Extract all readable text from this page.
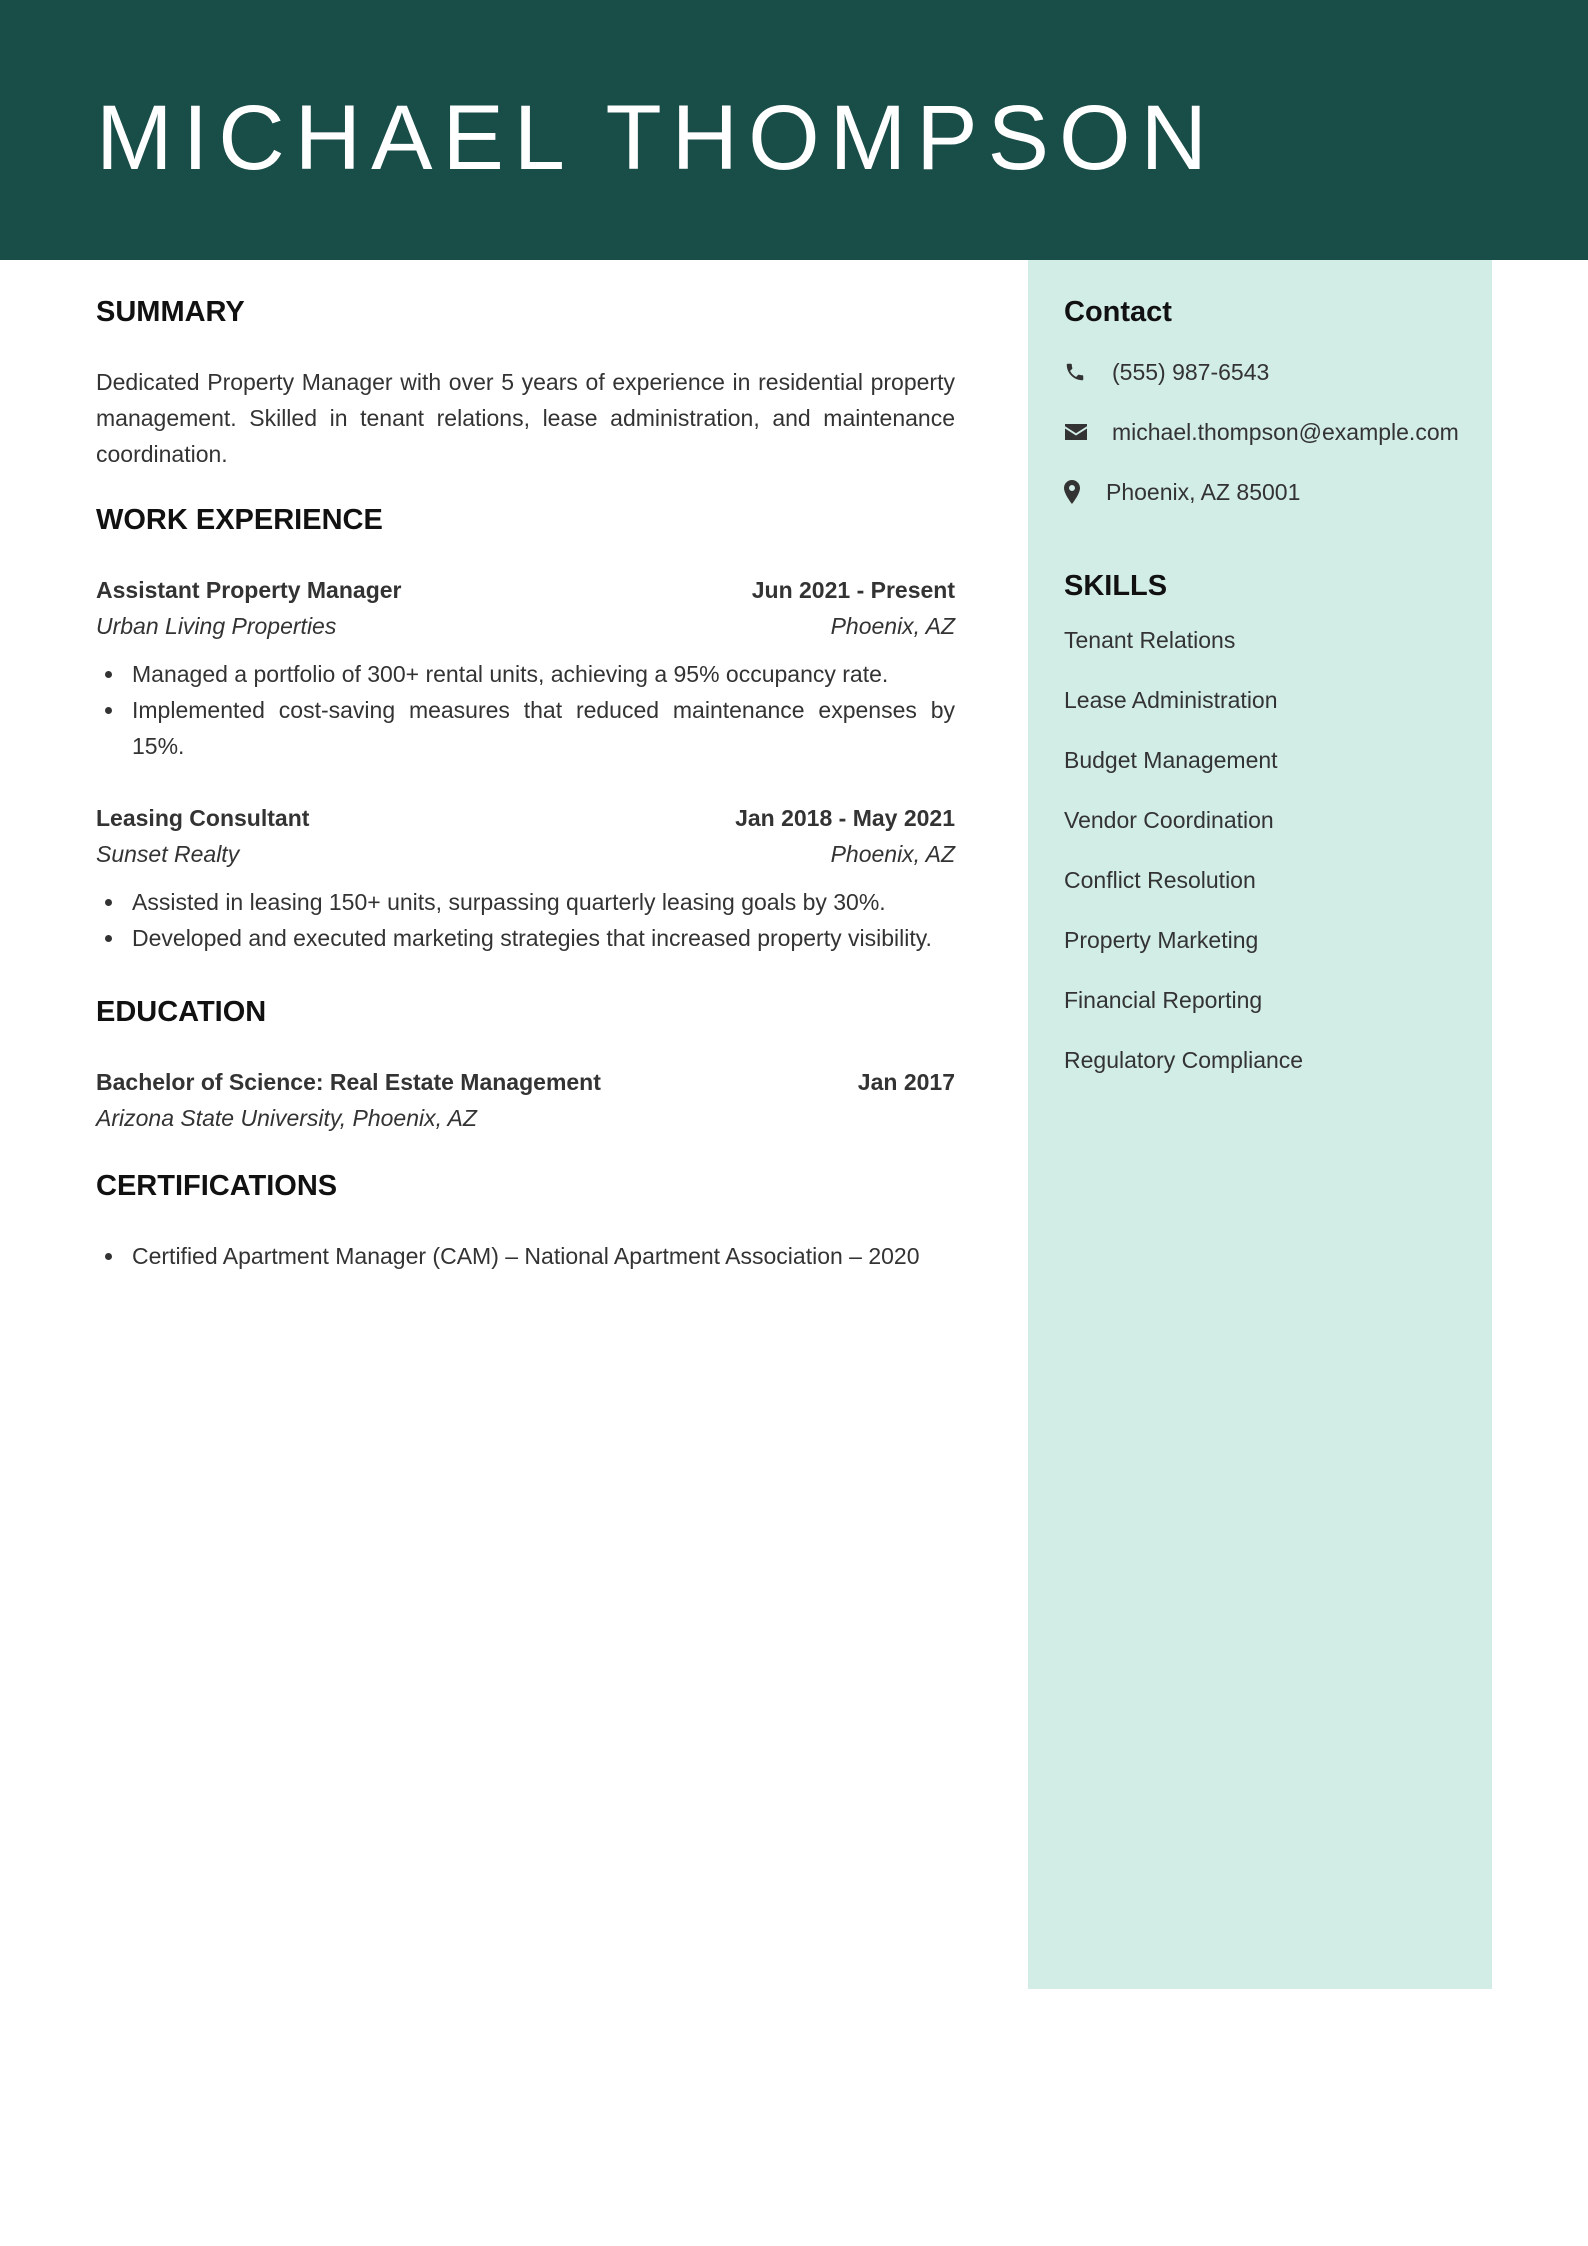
MICHAEL THOMPSON
Contact
(555) 987-6543
michael.thompson@example.com
Phoenix, AZ 85001
SKILLS
Tenant Relations
Lease Administration
Budget Management
Vendor Coordination
Conflict Resolution
Property Marketing
Financial Reporting
Regulatory Compliance
SUMMARY

Dedicated Property Manager with over 5 years of experience in residential property management. Skilled in tenant relations, lease administration, and maintenance coordination.

WORK EXPERIENCE
Assistant Property Manager	Jun 2021 - Present
Urban Living Properties	Phoenix, AZ
Managed a portfolio of 300+ rental units, achieving a 95% occupancy rate.
Implemented cost-saving measures that reduced maintenance expenses by 15%.
Leasing Consultant	Jan 2018 - May 2021
Sunset Realty	Phoenix, AZ
Assisted in leasing 150+ units, surpassing quarterly leasing goals by 30%.
Developed and executed marketing strategies that increased property visibility.
EDUCATION
Bachelor of Science: Real Estate Management	Jan 2017
Arizona State University, Phoenix, AZ
CERTIFICATIONS
Certified Apartment Manager (CAM) – National Apartment Association – 2020
